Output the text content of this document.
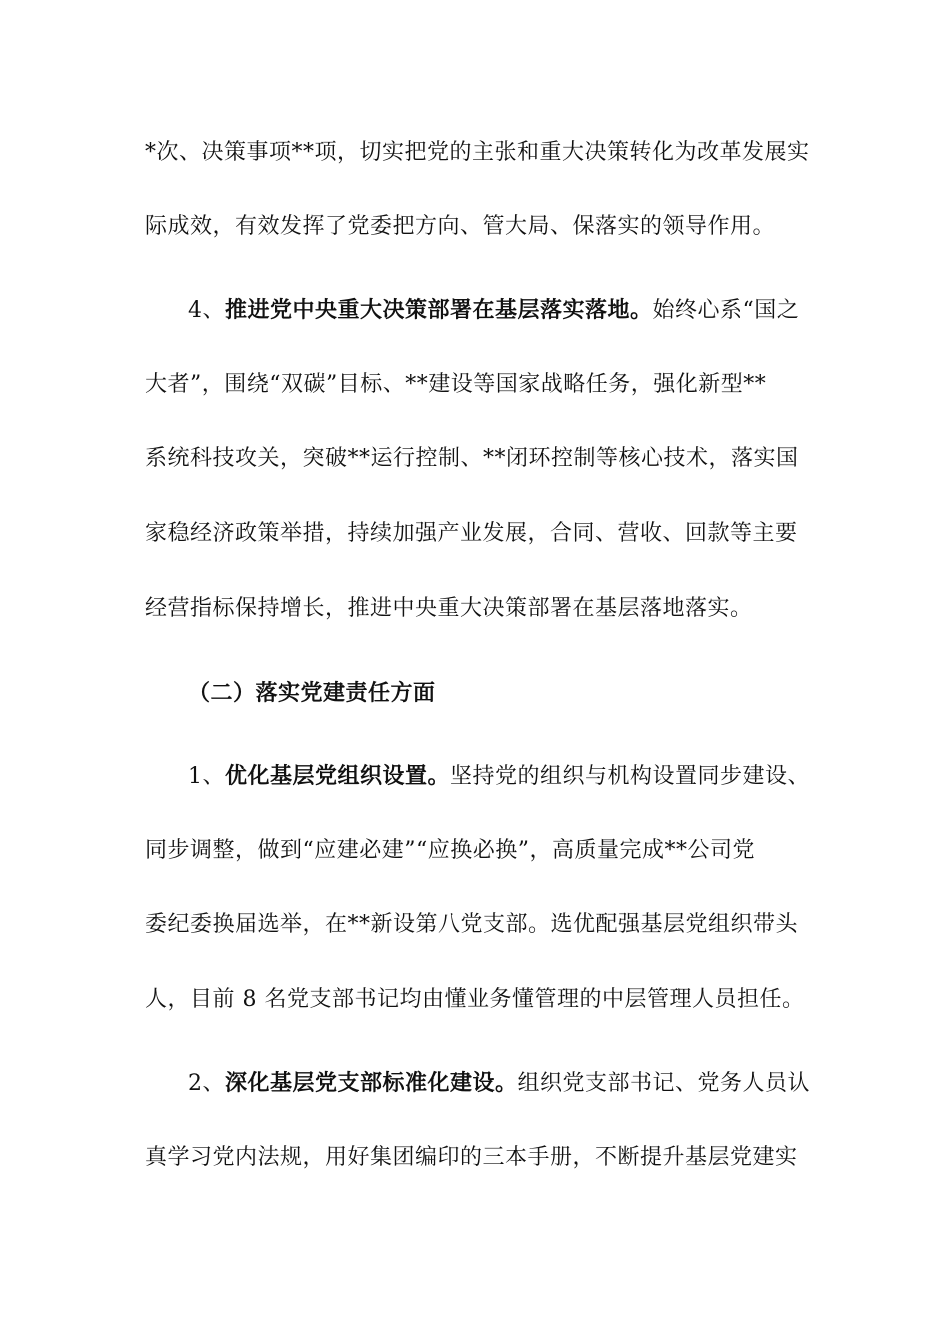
*次、决策事项**项，切实把党的主张和重大决策转化为改革发展实
际成效，有效发挥了党委把方向、管大局、保落实的领导作用。
4、推进党中央重大决策部署在基层落实落地。始终心系“国之
大者”，围绕“双碳”目标、**建设等国家战略任务，强化新型**
系统科技攻关，突破**运行控制、**闭环控制等核心技术，落实国
家稳经济政策举措，持续加强产业发展，合同、营收、回款等主要
经营指标保持增长，推进中央重大决策部署在基层落地落实。
（二）落实党建责任方面
1、优化基层党组织设置。坚持党的组织与机构设置同步建设、
同步调整，做到“应建必建”“应换必换”，高质量完成**公司党
委纪委换届选举，在**新设第八党支部。选优配强基层党组织带头
人，目前 8 名党支部书记均由懂业务懂管理的中层管理人员担任。
2、深化基层党支部标准化建设。组织党支部书记、党务人员认
真学习党内法规，用好集团编印的三本手册，不断提升基层党建实
